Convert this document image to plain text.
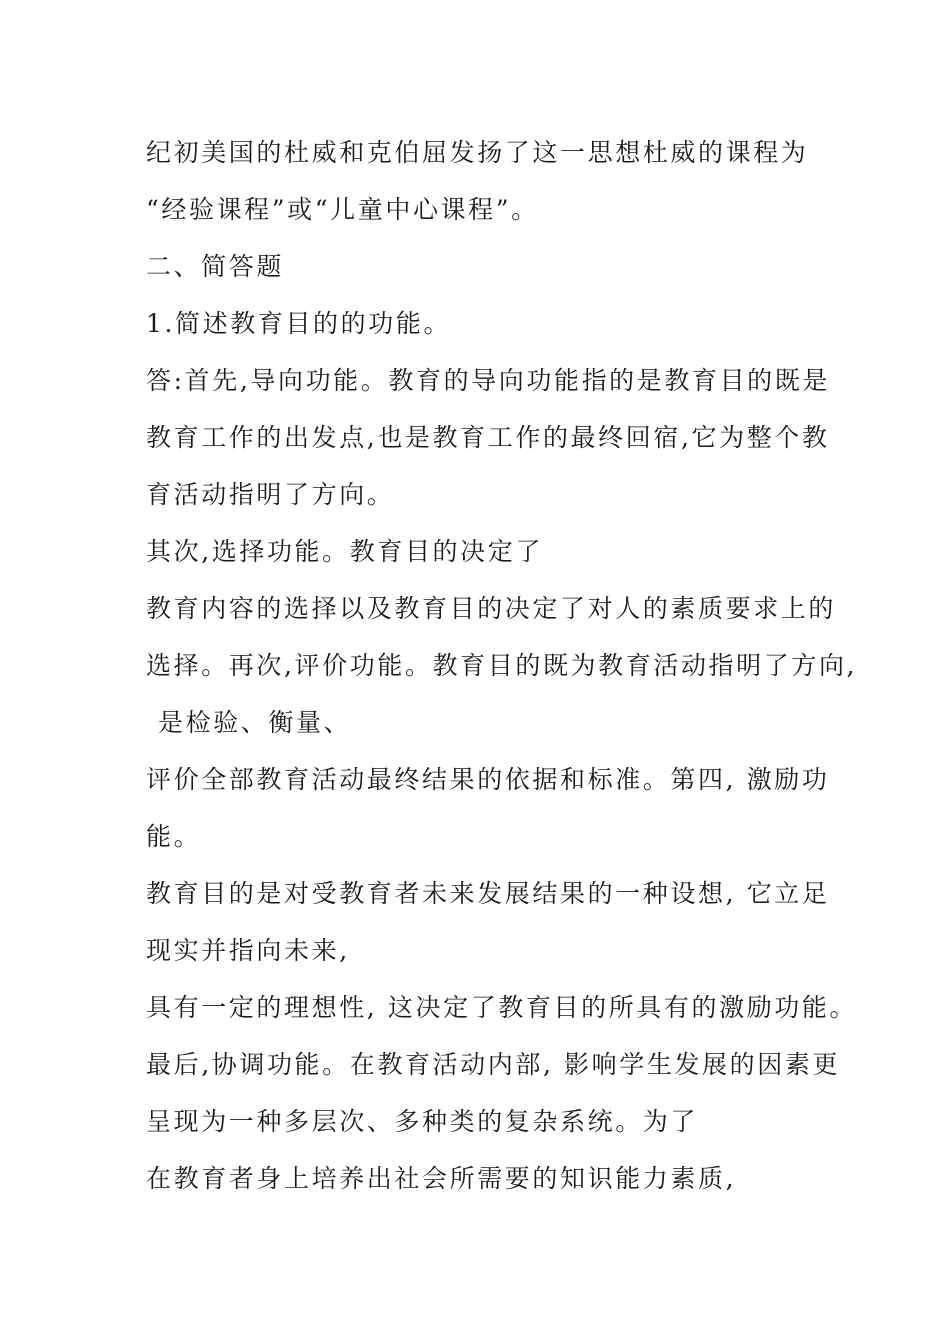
纪初美国的杜威和克伯屈发扬了这一思想杜威的课程为

“经验课程”或“儿童中心课程”。

二、简答题

1.简述教育目的的功能。

答:首先,导向功能。教育的导向功能指的是教育目的既是

教育工作的出发点,也是教育工作的最终回宿,它为整个教

育活动指明了方向。

其次,选择功能。教育目的决定了

教育内容的选择以及教育目的决定了对人的素质要求上的

选择。再次,评价功能。教育目的既为教育活动指明了方向,

是检验、衡量、

评价全部教育活动最终结果的依据和标准。第四, 激励功

能。

教育目的是对受教育者未来发展结果的一种设想, 它立足

现实并指向未来,

具有一定的理想性, 这决定了教育目的所具有的激励功能。

最后,协调功能。在教育活动内部, 影响学生发展的因素更

呈现为一种多层次、多种类的复杂系统。为了

在教育者身上培养出社会所需要的知识能力素质,
